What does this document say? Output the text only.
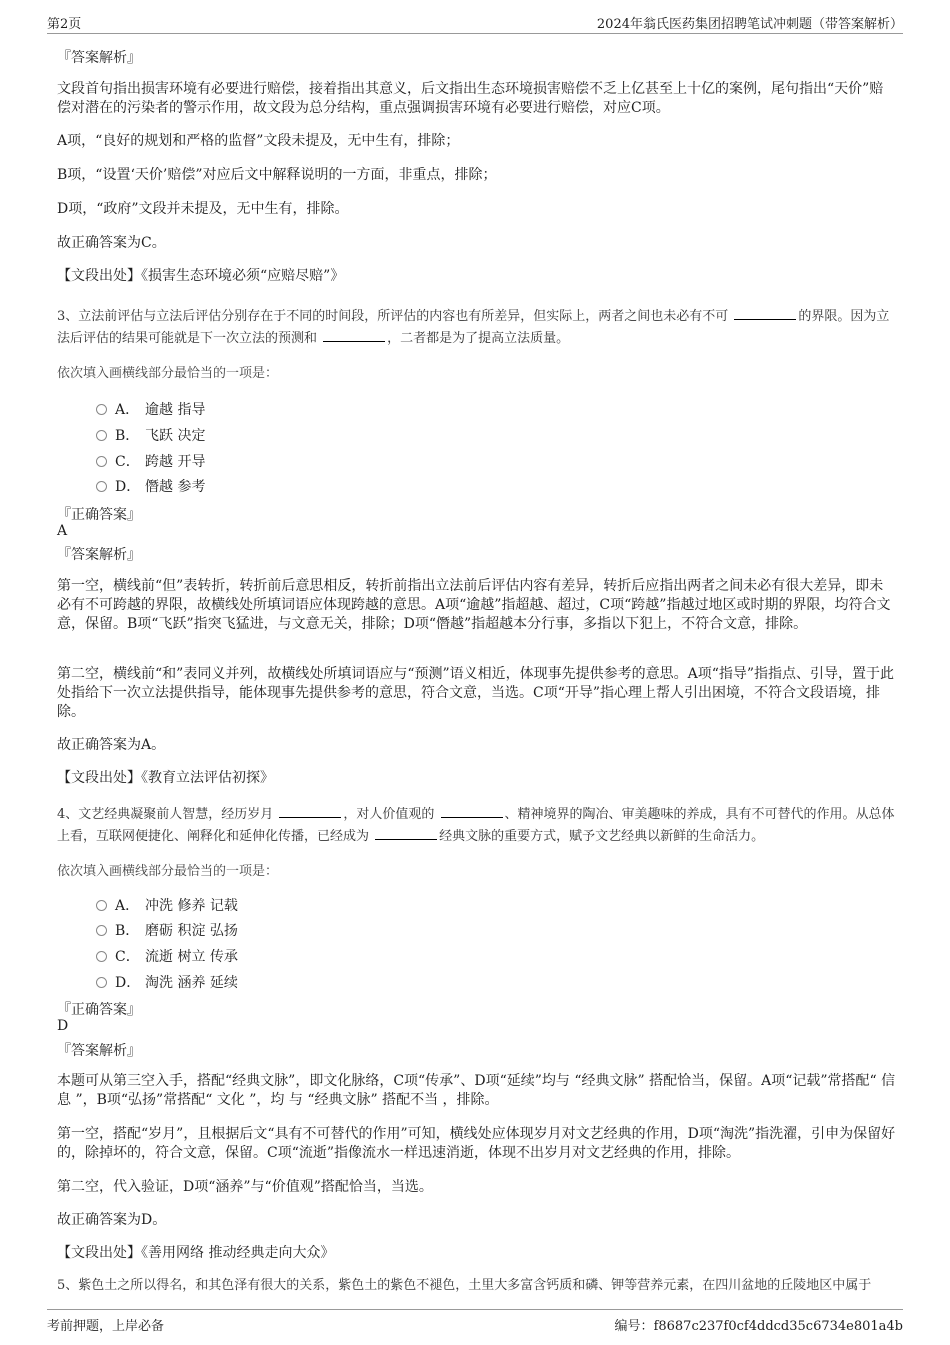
第2页	2024年翁氏医药集团招聘笔试冲刺题（带答案解析）
『答案解析』
文段首句指出损害环境有必要进行赔偿，接着指出其意义，后文指出生态环境损害赔偿不乏上亿甚至上十亿的案例，尾句指出“天价”赔偿对潜在的污染者的警示作用，故文段为总分结构，重点强调损害环境有必要进行赔偿，对应C项。
A项，“良好的规划和严格的监督”文段未提及，无中生有，排除；
B项，“设置‘天价’赔偿”对应后文中解释说明的一方面，非重点，排除；
D项，“政府”文段并未提及，无中生有，排除。
故正确答案为C。
【文段出处】《损害生态环境必须“应赔尽赔”》
3、立法前评估与立法后评估分别存在于不同的时间段，所评估的内容也有所差异，但实际上，两者之间也未必有不可	的界限。因为立法后评估的结果可能就是下一次立法的预测和	，二者都是为了提高立法质量。
依次填入画横线部分最恰当的一项是：
A． 逾越 指导
B． 飞跃 决定
C． 跨越 开导
D． 僭越 参考
『正确答案』
A
『答案解析』
第一空，横线前“但”表转折，转折前后意思相反，转折前指出立法前后评估内容有差异，转折后应指出两者之间未必有很大差异，即未必有不可跨越的界限，故横线处所填词语应体现跨越的意思。A项“逾越”指超越、超过，C项“跨越”指越过地区或时期的界限，均符合文意，保留。B项“飞跃”指突飞猛进，与文意无关，排除；D项“僭越”指超越本分行事，多指以下犯上，不符合文意，排除。
第二空，横线前“和”表同义并列，故横线处所填词语应与“预测”语义相近，体现事先提供参考的意思。A项“指导”指指点、引导，置于此处指给下一次立法提供指导，能体现事先提供参考的意思，符合文意，当选。C项“开导”指心理上帮人引出困境，不符合文段语境，排除。
故正确答案为A。
【文段出处】《教育立法评估初探》
4、文艺经典凝聚前人智慧，经历岁月	，对人价值观的	、精神境界的陶冶、审美趣味的养成，具有不可替代的作用。从总体上看，互联网便捷化、阐释化和延伸化传播，已经成为	经典文脉的重要方式，赋予文艺经典以新鲜的生命活力。
依次填入画横线部分最恰当的一项是：
A． 冲洗 修养 记载
B． 磨砺 积淀 弘扬
C． 流逝 树立 传承
D． 淘洗 涵养 延续
『正确答案』
D
『答案解析』
本题可从第三空入手，搭配“经典文脉”，即文化脉络，C项“传承”、D项“延续”均与 “经典文脉” 搭配恰当，保留。A项“记载”常搭配“ 信息 ”，B项“弘扬”常搭配“ 文化 ”，均 与 “经典文脉” 搭配不当 ，排除。
第一空，搭配“岁月”，且根据后文“具有不可替代的作用”可知，横线处应体现岁月对文艺经典的作用，D项“淘洗”指洗濯，引申为保留好的，除掉坏的，符合文意，保留。C项“流逝”指像流水一样迅速消逝，体现不出岁月对文艺经典的作用，排除。
第二空，代入验证，D项“涵养”与“价值观”搭配恰当，当选。
故正确答案为D。
【文段出处】《善用网络 推动经典走向大众》
5、紫色土之所以得名，和其色泽有很大的关系，紫色土的紫色不褪色，土里大多富含钙质和磷、钾等营养元素，在四川盆地的丘陵地区中属于
考前押题，上岸必备	编号：f8687c237f0cf4ddcd35c6734e801a4b
